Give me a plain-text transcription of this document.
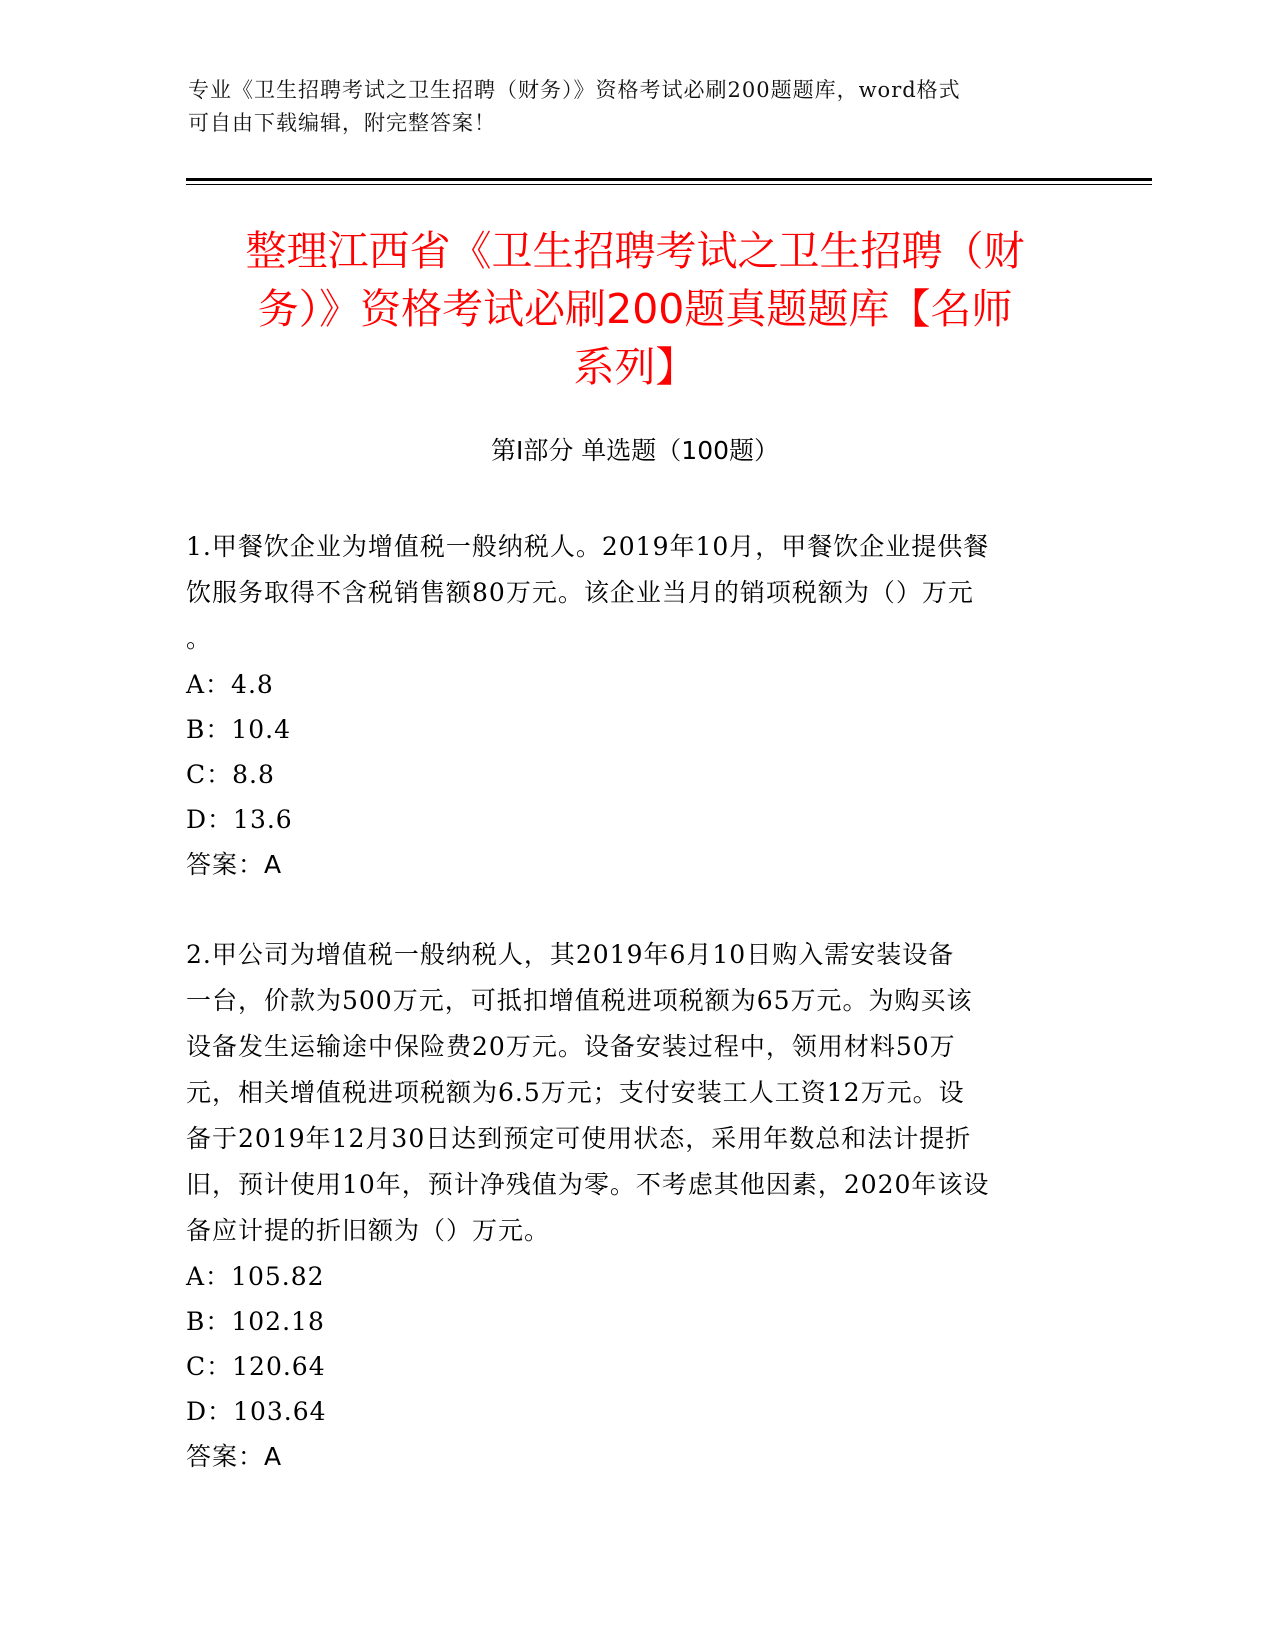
专业《卫生招聘考试之卫生招聘（财务）》资格考试必刷200题题库，word格式
可自由下载编辑，附完整答案！
整理江西省《卫生招聘考试之卫生招聘（财
务）》资格考试必刷200题真题题库【名师
系列】
第Ⅰ部分 单选题（100题）
1.甲餐饮企业为增值税一般纳税人。2019年10月，甲餐饮企业提供餐
饮服务取得不含税销售额80万元。该企业当月的销项税额为（）万元
。
A：4.8
B：10.4
C：8.8
D：13.6
答案：A
2.甲公司为增值税一般纳税人，其2019年6月10日购入需安装设备
一台，价款为500万元，可抵扣增值税进项税额为65万元。为购买该
设备发生运输途中保险费20万元。设备安装过程中，领用材料50万
元，相关增值税进项税额为6.5万元；支付安装工人工资12万元。设
备于2019年12月30日达到预定可使用状态，采用年数总和法计提折
旧，预计使用10年，预计净残值为零。不考虑其他因素，2020年该设
备应计提的折旧额为（）万元。
A：105.82
B：102.18
C：120.64
D：103.64
答案：A
